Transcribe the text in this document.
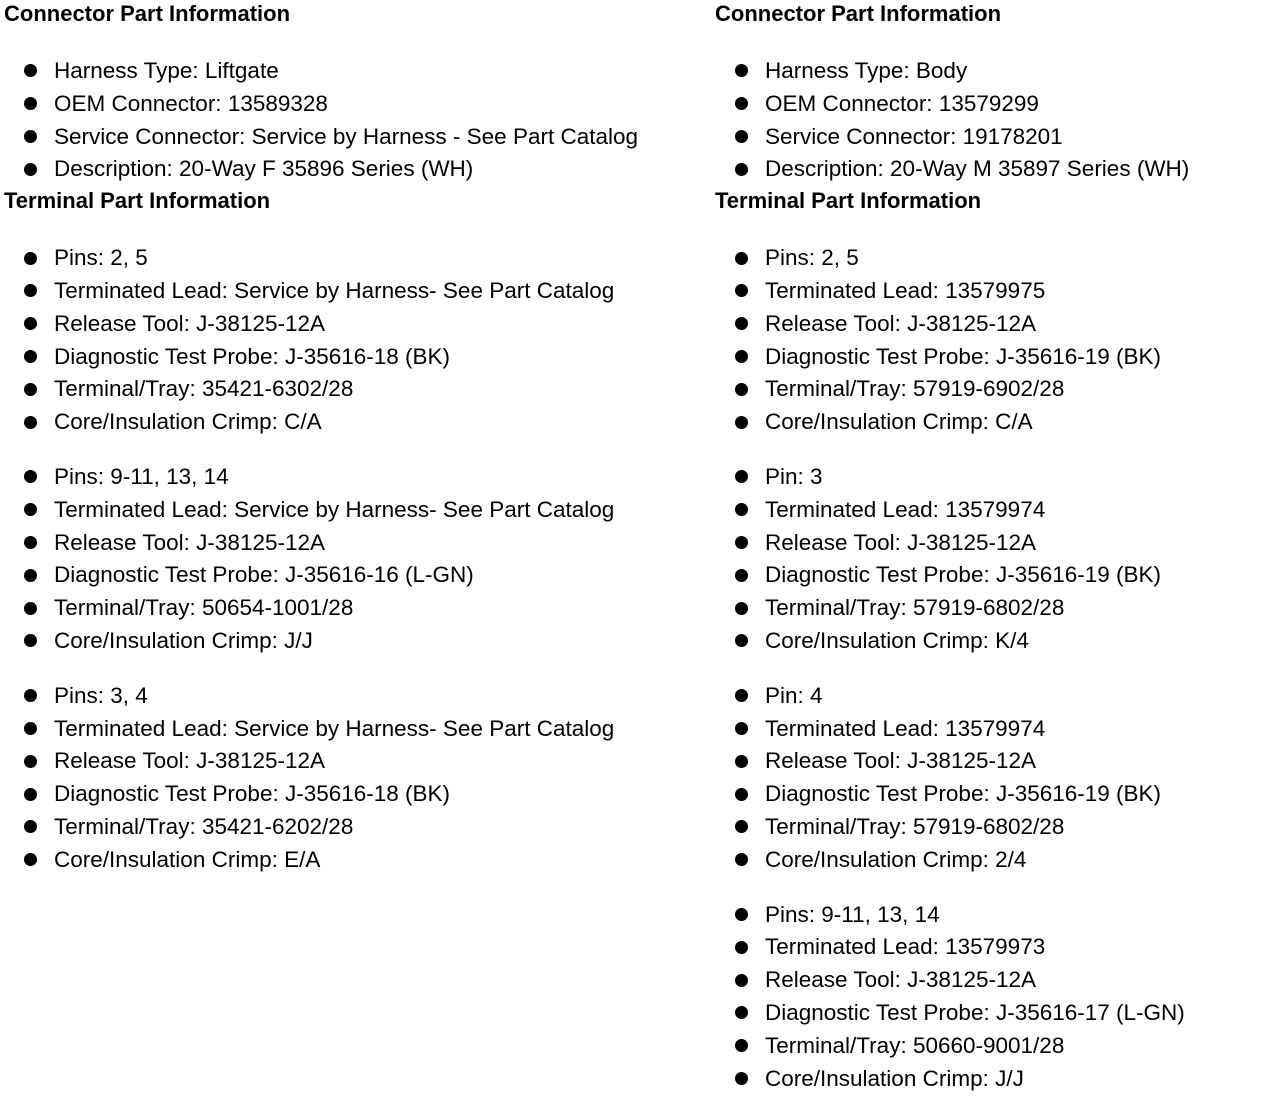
Connector Part Information
Harness Type: Liftgate
OEM Connector: 13589328
Service Connector: Service by Harness - See Part Catalog
Description: 20-Way F 35896 Series (WH)
Terminal Part Information
Pins: 2, 5
Terminated Lead: Service by Harness- See Part Catalog
Release Tool: J-38125-12A
Diagnostic Test Probe: J-35616-18 (BK)
Terminal/Tray: 35421-6302/28
Core/Insulation Crimp: C/A
Pins: 9-11, 13, 14
Terminated Lead: Service by Harness- See Part Catalog
Release Tool: J-38125-12A
Diagnostic Test Probe: J-35616-16 (L-GN)
Terminal/Tray: 50654-1001/28
Core/Insulation Crimp: J/J
Pins: 3, 4
Terminated Lead: Service by Harness- See Part Catalog
Release Tool: J-38125-12A
Diagnostic Test Probe: J-35616-18 (BK)
Terminal/Tray: 35421-6202/28
Core/Insulation Crimp: E/A
Connector Part Information
Harness Type: Body
OEM Connector: 13579299
Service Connector: 19178201
Description: 20-Way M 35897 Series (WH)
Terminal Part Information
Pins: 2, 5
Terminated Lead: 13579975
Release Tool: J-38125-12A
Diagnostic Test Probe: J-35616-19 (BK)
Terminal/Tray: 57919-6902/28
Core/Insulation Crimp: C/A
Pin: 3
Terminated Lead: 13579974
Release Tool: J-38125-12A
Diagnostic Test Probe: J-35616-19 (BK)
Terminal/Tray: 57919-6802/28
Core/Insulation Crimp: K/4
Pin: 4
Terminated Lead: 13579974
Release Tool: J-38125-12A
Diagnostic Test Probe: J-35616-19 (BK)
Terminal/Tray: 57919-6802/28
Core/Insulation Crimp: 2/4
Pins: 9-11, 13, 14
Terminated Lead: 13579973
Release Tool: J-38125-12A
Diagnostic Test Probe: J-35616-17 (L-GN)
Terminal/Tray: 50660-9001/28
Core/Insulation Crimp: J/J
